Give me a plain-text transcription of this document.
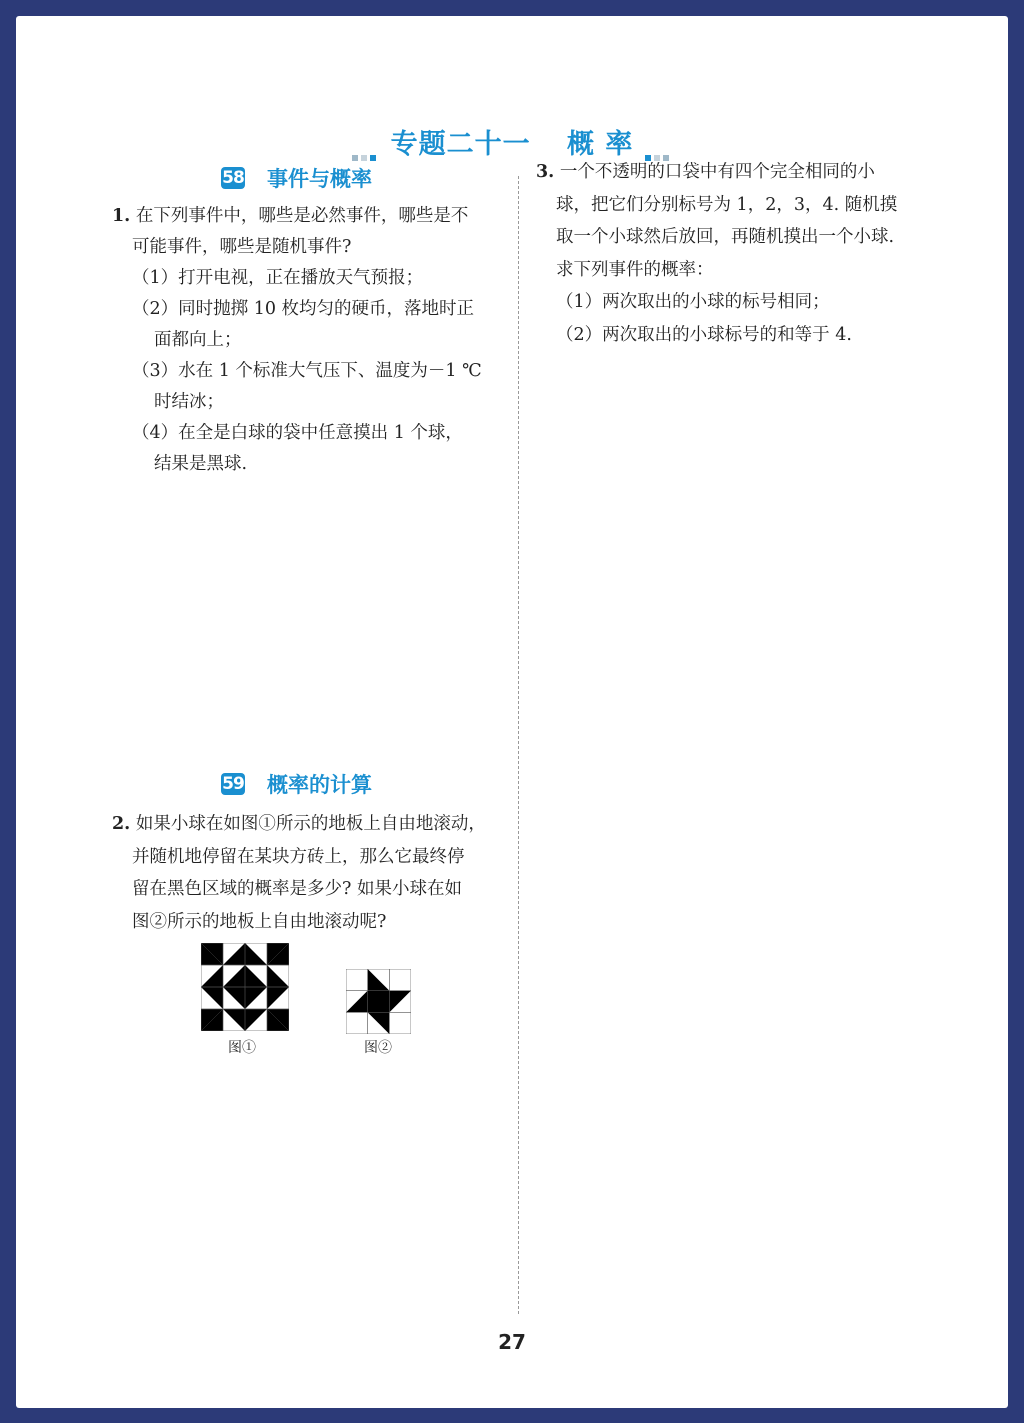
专题二十一 概 率
58 事件与概率
1. 在下列事件中，哪些是必然事件，哪些是不
可能事件，哪些是随机事件?
（1）打开电视，正在播放天气预报；
（2）同时抛掷 10 枚均匀的硬币，落地时正
面都向上；
（3）水在 1 个标准大气压下、温度为－1 ℃
时结冰；
（4）在全是白球的袋中任意摸出 1 个球，
结果是黑球.
59 概率的计算
2. 如果小球在如图①所示的地板上自由地滚动，
并随机地停留在某块方砖上，那么它最终停
留在黑色区域的概率是多少? 如果小球在如
图②所示的地板上自由地滚动呢?
图①	图②
3. 一个不透明的口袋中有四个完全相同的小
球，把它们分别标号为 1，2，3，4. 随机摸
取一个小球然后放回，再随机摸出一个小球.
求下列事件的概率：
（1）两次取出的小球的标号相同；
（2）两次取出的小球标号的和等于 4.
27
